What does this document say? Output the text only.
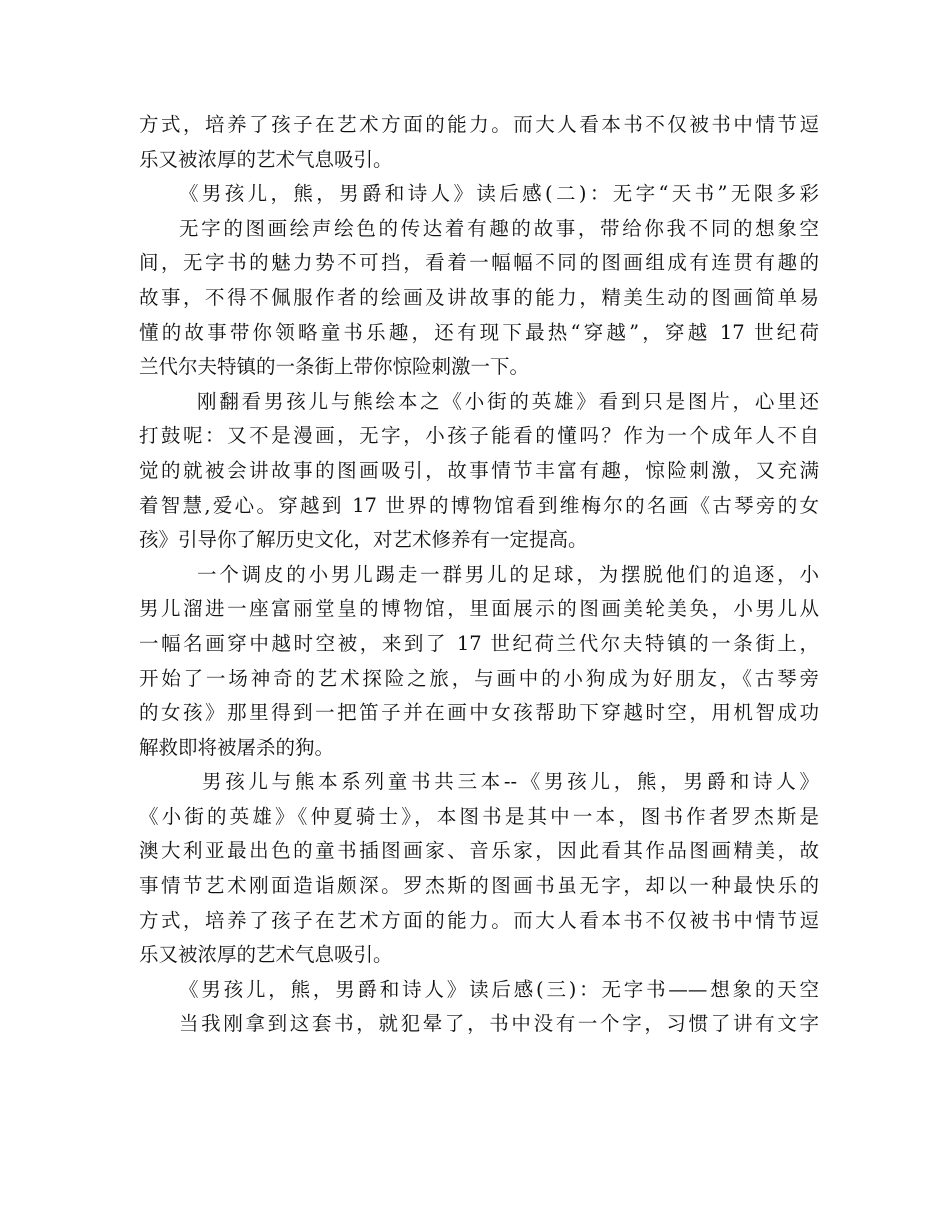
方式，培养了孩子在艺术方面的能力。而大人看本书不仅被书中情节逗
乐又被浓厚的艺术气息吸引。
《男孩儿，熊，男爵和诗人》读后感(二)：无字“天书”无限多彩
无字的图画绘声绘色的传达着有趣的故事，带给你我不同的想象空
间，无字书的魅力势不可挡，看着一幅幅不同的图画组成有连贯有趣的
故事，不得不佩服作者的绘画及讲故事的能力，精美生动的图画简单易
懂的故事带你领略童书乐趣，还有现下最热“穿越”，穿越 17 世纪荷
兰代尔夫特镇的一条街上带你惊险刺激一下。
刚翻看男孩儿与熊绘本之《小街的英雄》看到只是图片，心里还
打鼓呢：又不是漫画，无字，小孩子能看的懂吗？作为一个成年人不自
觉的就被会讲故事的图画吸引，故事情节丰富有趣，惊险刺激，又充满
着智慧,爱心。穿越到 17 世界的博物馆看到维梅尔的名画《古琴旁的女
孩》引导你了解历史文化，对艺术修养有一定提高。
一个调皮的小男儿踢走一群男儿的足球，为摆脱他们的追逐，小
男儿溜进一座富丽堂皇的博物馆，里面展示的图画美轮美奂，小男儿从
一幅名画穿中越时空被，来到了 17 世纪荷兰代尔夫特镇的一条街上，
开始了一场神奇的艺术探险之旅，与画中的小狗成为好朋友，《古琴旁
的女孩》那里得到一把笛子并在画中女孩帮助下穿越时空，用机智成功
解救即将被屠杀的狗。
男孩儿与熊本系列童书共三本--《男孩儿，熊，男爵和诗人》
《小街的英雄》《仲夏骑士》，本图书是其中一本，图书作者罗杰斯是
澳大利亚最出色的童书插图画家、音乐家，因此看其作品图画精美，故
事情节艺术刚面造诣颇深。罗杰斯的图画书虽无字，却以一种最快乐的
方式，培养了孩子在艺术方面的能力。而大人看本书不仅被书中情节逗
乐又被浓厚的艺术气息吸引。
《男孩儿，熊，男爵和诗人》读后感(三)：无字书——想象的天空
当我刚拿到这套书，就犯晕了，书中没有一个字，习惯了讲有文字
